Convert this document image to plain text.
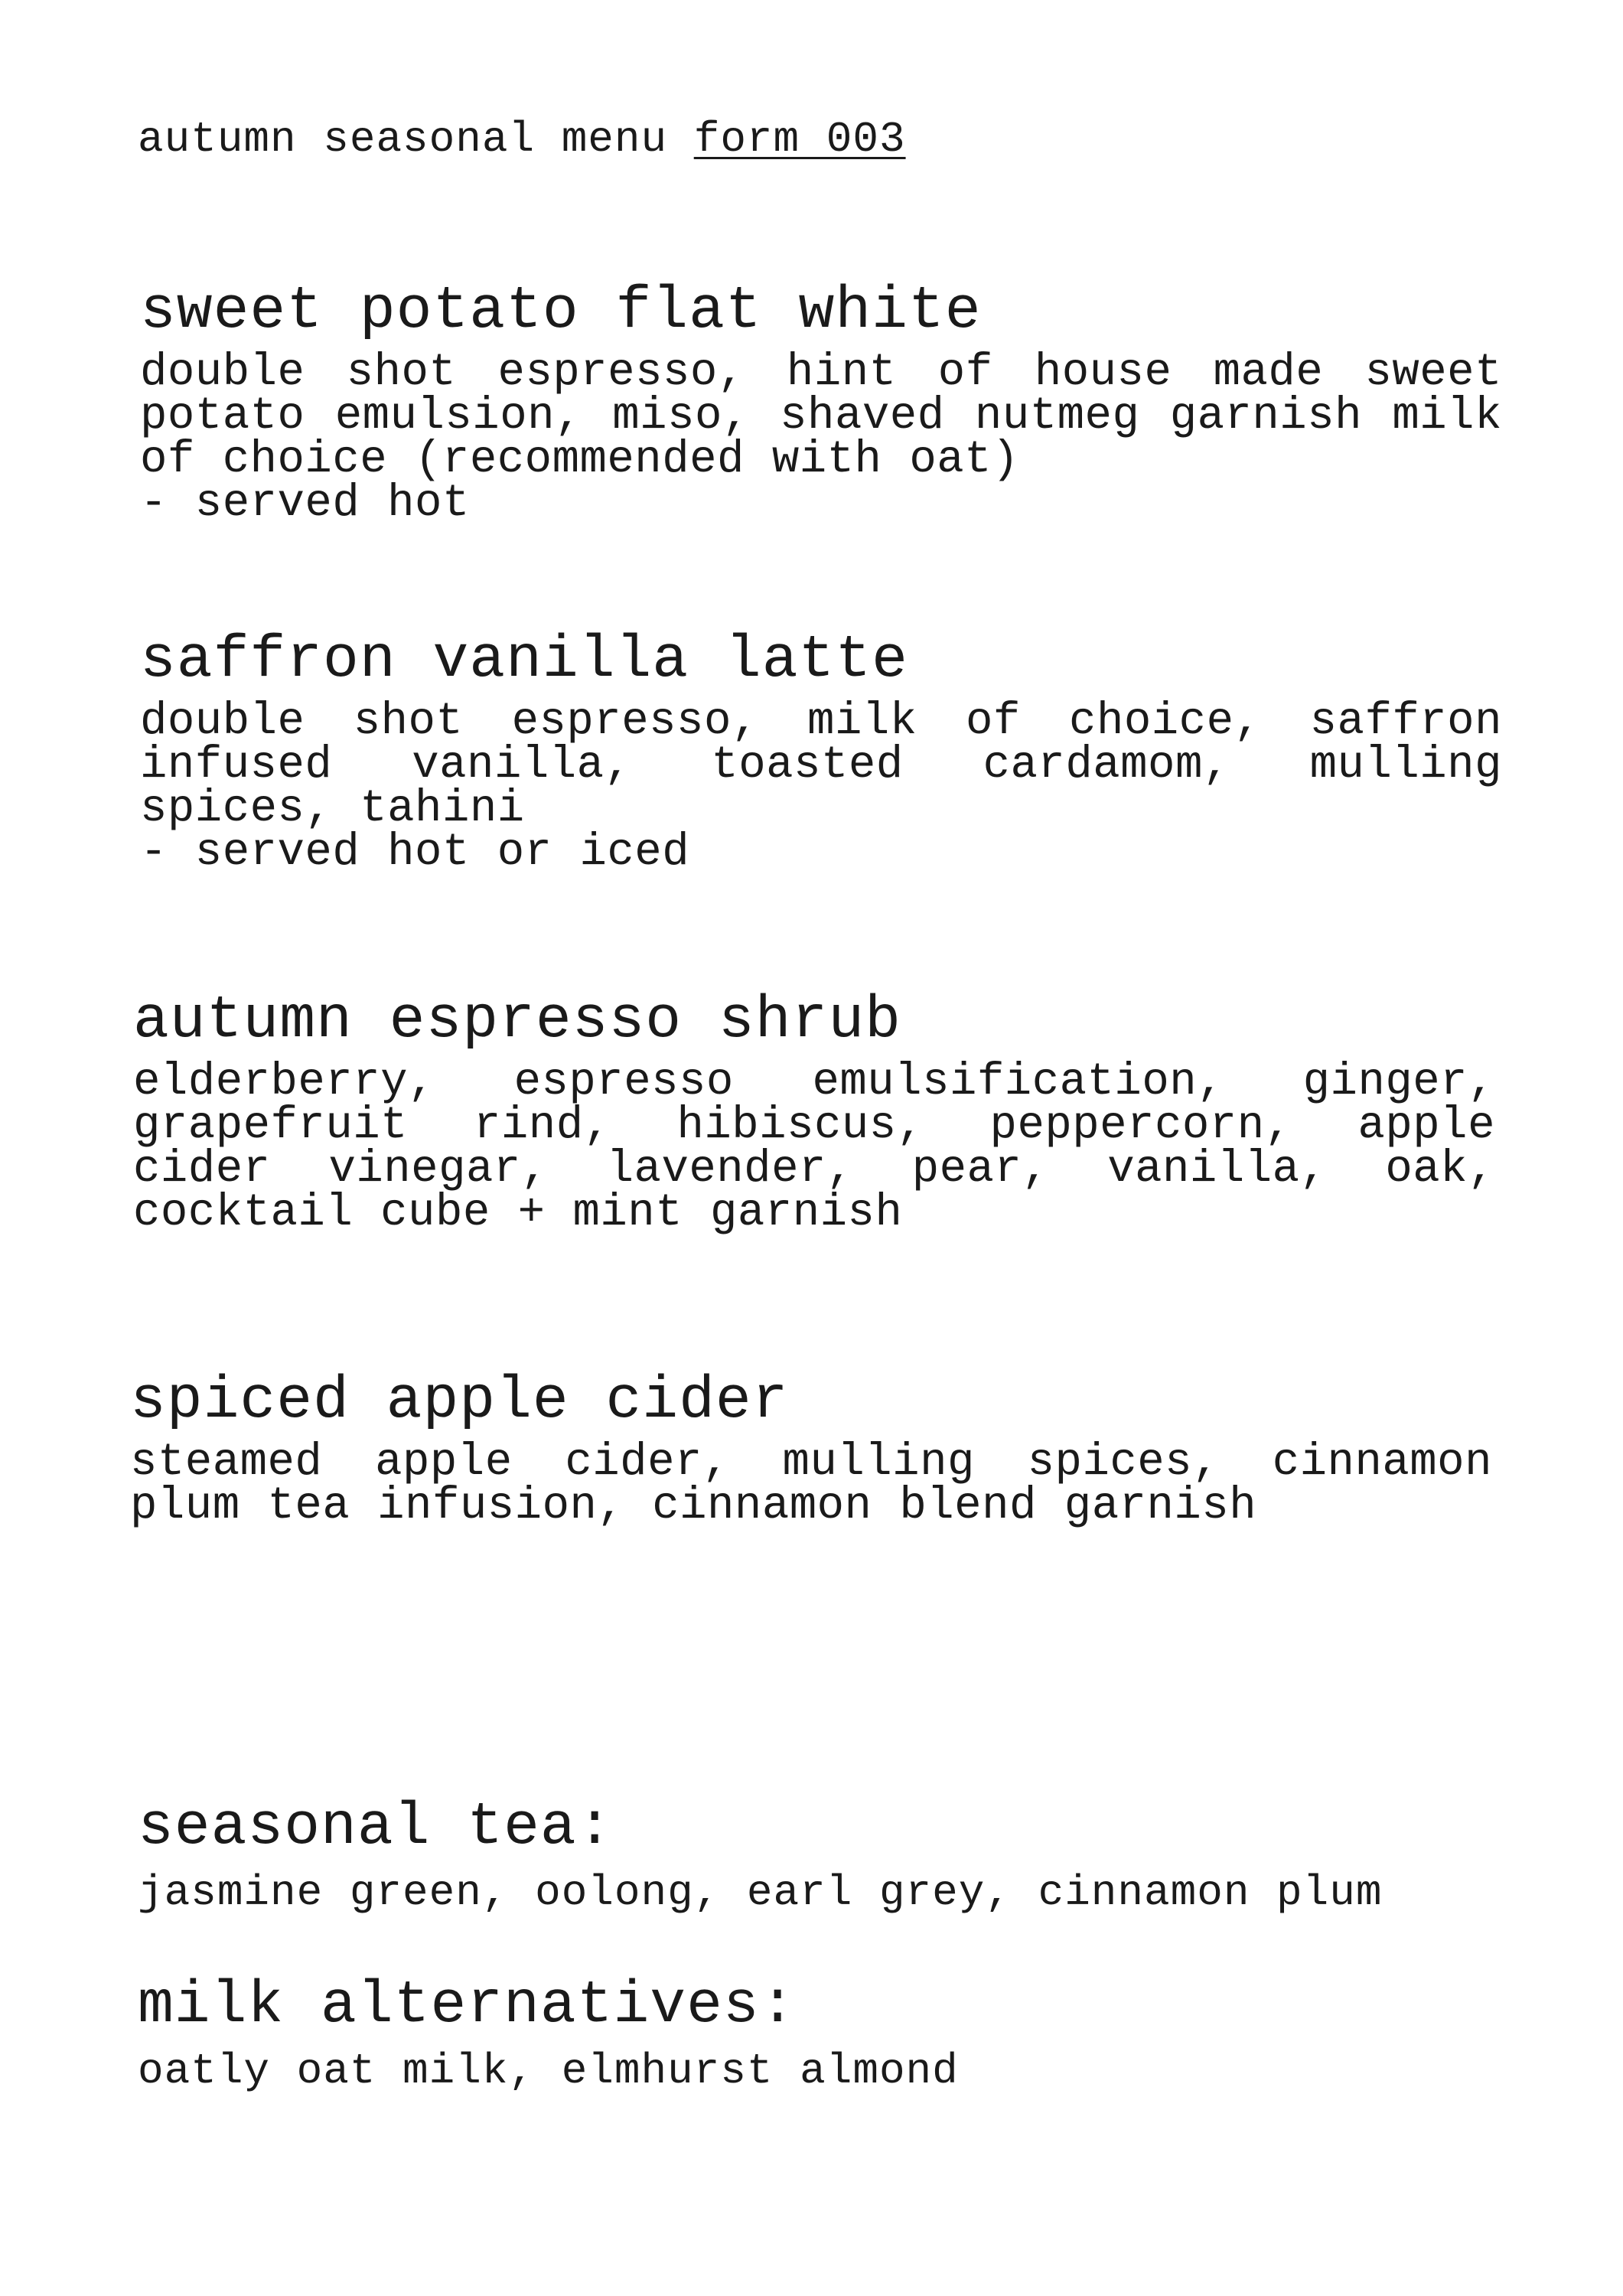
autumn seasonal menu form 003
sweet potato flat white

double shot espresso, hint of house made sweet potato emulsion, miso, shaved nutmeg garnish milk of choice (recommended with oat)

- served hot

saffron vanilla latte

double shot espresso, milk of choice, saffron infused vanilla, toasted cardamom, mulling spices, tahini

- served hot or iced

autumn espresso shrub

elderberry, espresso emulsification, ginger, grapefruit rind, hibiscus, peppercorn, apple cider vinegar, lavender, pear, vanilla, oak, cocktail cube + mint garnish

spiced apple cider

steamed apple cider, mulling spices, cinnamon plum tea infusion, cinnamon blend garnish

seasonal tea:

jasmine green, oolong, earl grey, cinnamon plum

milk alternatives:

oatly oat milk, elmhurst almond
